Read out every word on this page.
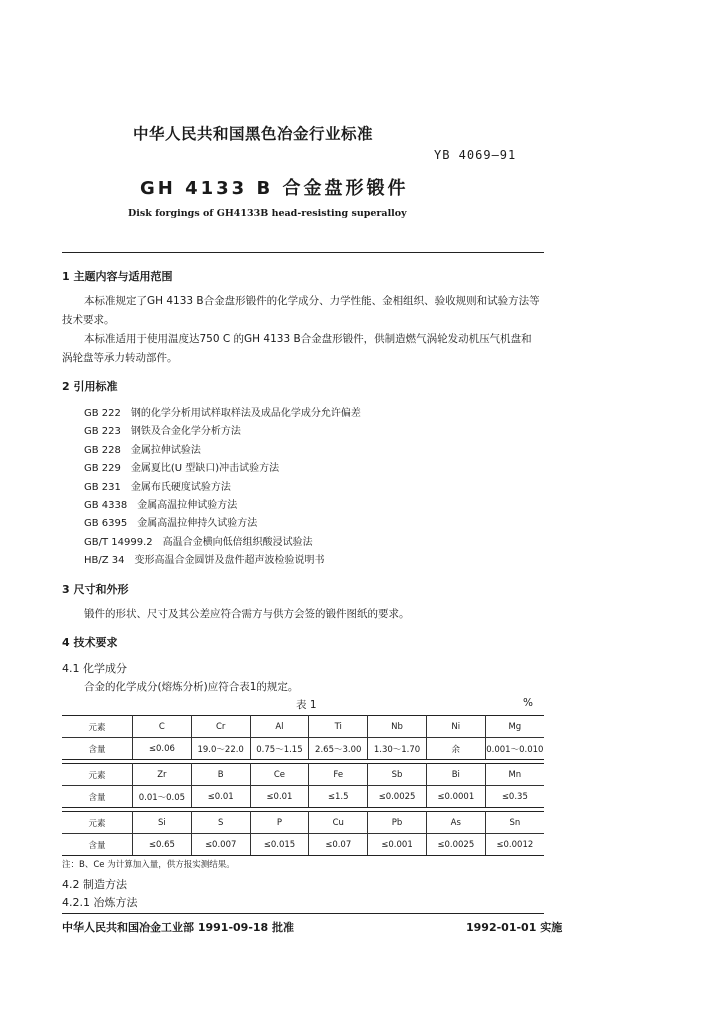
中华人民共和国黑色冶金行业标准
YB 4069—91
GH 4133 B 合金盘形锻件
Disk forgings of GH4133B head-resisting superalloy
1 主题内容与适用范围
本标准规定了GH 4133 B合金盘形锻件的化学成分、力学性能、金相组织、验收规则和试验方法等
技术要求。
本标准适用于使用温度达750 C 的GH 4133 B合金盘形锻件，供制造燃气涡轮发动机压气机盘和
涡轮盘等承力转动部件。
2 引用标准
GB 222 钢的化学分析用试样取样法及成品化学成分允许偏差
GB 223 钢铁及合金化学分析方法
GB 228 金属拉伸试验法
GB 229 金属夏比(U 型缺口)冲击试验方法
GB 231 金属布氏硬度试验方法
GB 4338 金属高温拉伸试验方法
GB 6395 金属高温拉伸持久试验方法
GB/T 14999.2 高温合金横向低倍组织酸浸试验法
HB/Z 34 变形高温合金圆饼及盘件超声波检验说明书
3 尺寸和外形
锻件的形状、尺寸及其公差应符合需方与供方会签的锻件图纸的要求。
4 技术要求
4.1 化学成分
合金的化学成分(熔炼分析)应符合表1的规定。
表 1	%
元素	C	Cr	Al	Ti	Nb	Ni	Mg
含量	≤0.06	19.0～22.0	0.75～1.15	2.65～3.00	1.30～1.70	余	0.001～0.010
元素	Zr	B	Ce	Fe	Sb	Bi	Mn
含量	0.01～0.05	≤0.01	≤0.01	≤1.5	≤0.0025	≤0.0001	≤0.35
元素	Si	S	P	Cu	Pb	As	Sn
含量	≤0.65	≤0.007	≤0.015	≤0.07	≤0.001	≤0.0025	≤0.0012
注：B、Ce 为计算加入量，供方报实测结果。
4.2 制造方法
4.2.1 冶炼方法
中华人民共和国冶金工业部 1991-09-18 批准	1992-01-01 实施
